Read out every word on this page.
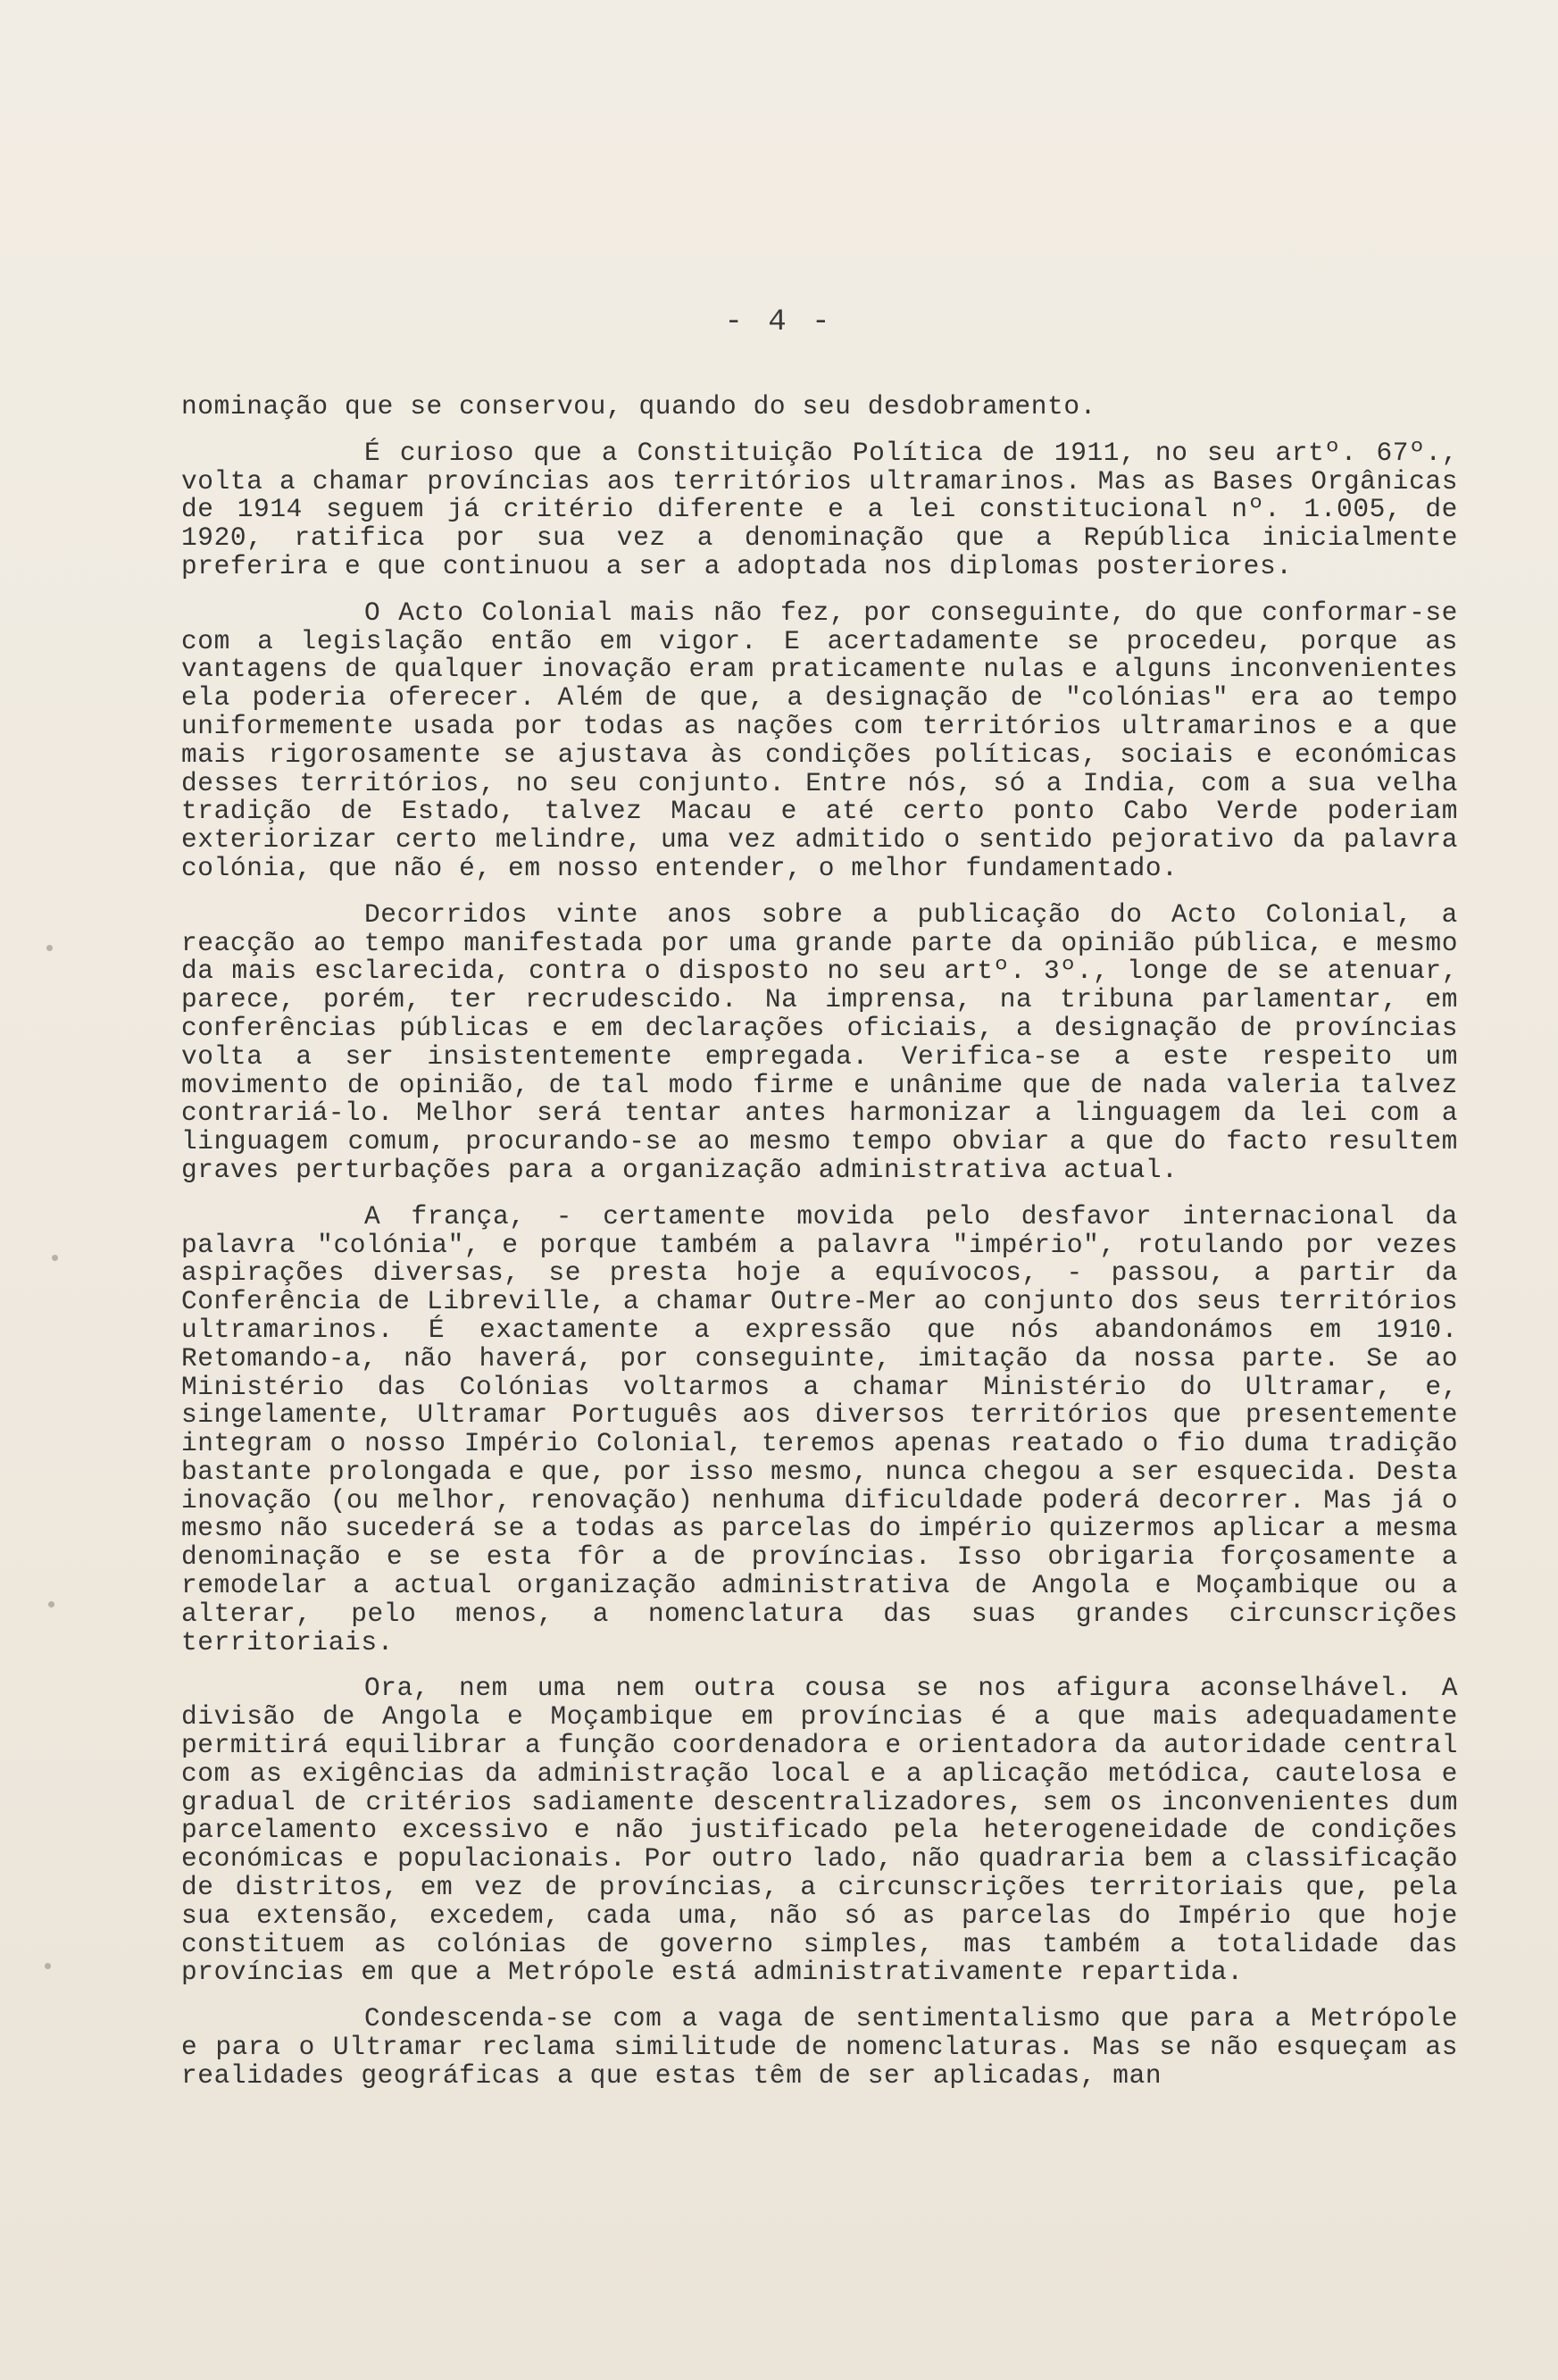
- 4 -

nominação que se conservou, quando do seu desdobramento.

É curioso que a Constituição Política de 1911, no seu artº. 67º., volta a chamar províncias aos territórios ultramarinos. Mas as Bases Orgânicas de 1914 seguem já critério diferente e a lei constitucional nº. 1.005, de 1920, ratifica por sua vez a denominação que a República inicialmente preferira e que continuou a ser a adoptada nos diplomas posteriores.

O Acto Colonial mais não fez, por conseguinte, do que conformar-se com a legislação então em vigor. E acertadamente se procedeu, porque as vantagens de qualquer inovação eram praticamente nulas e alguns inconvenientes ela poderia oferecer. Além de que, a designação de "colónias" era ao tempo uniformemente usada por todas as nações com territórios ultramarinos e a que mais rigorosamente se ajustava às condições políticas, sociais e económicas desses territórios, no seu conjunto. Entre nós, só a India, com a sua velha tradição de Estado, talvez Macau e até certo ponto Cabo Verde poderiam exteriorizar certo melindre, uma vez admitido o sentido pejorativo da palavra colónia, que não é, em nosso entender, o melhor fundamentado.

Decorridos vinte anos sobre a publicação do Acto Colonial, a reacção ao tempo manifestada por uma grande parte da opinião pública, e mesmo da mais esclarecida, contra o disposto no seu artº. 3º., longe de se atenuar, parece, porém, ter recrudescido. Na imprensa, na tribuna parlamentar, em conferências públicas e em declarações oficiais, a designação de províncias volta a ser insistentemente empregada. Verifica-se a este respeito um movimento de opinião, de tal modo firme e unânime que de nada valeria talvez contrariá-lo. Melhor será tentar antes harmonizar a linguagem da lei com a linguagem comum, procurando-se ao mesmo tempo obviar a que do facto resultem graves perturbações para a organização administrativa actual.

A frança, - certamente movida pelo desfavor internacional da palavra "colónia", e porque também a palavra "império", rotulando por vezes aspirações diversas, se presta hoje a equívocos, - passou, a partir da Conferência de Libreville, a chamar Outre-Mer ao conjunto dos seus territórios ultramarinos. É exactamente a expressão que nós abandonámos em 1910. Retomando-a, não haverá, por conseguinte, imitação da nossa parte. Se ao Ministério das Colónias voltarmos a chamar Ministério do Ultramar, e, singelamente, Ultramar Português aos diversos territórios que presentemente integram o nosso Império Colonial, teremos apenas reatado o fio duma tradição bastante prolongada e que, por isso mesmo, nunca chegou a ser esquecida. Desta inovação (ou melhor, renovação) nenhuma dificuldade poderá decorrer. Mas já o mesmo não sucederá se a todas as parcelas do império quizermos aplicar a mesma denominação e se esta fôr a de províncias. Isso obrigaria forçosamente a remodelar a actual organização administrativa de Angola e Moçambique ou a alterar, pelo menos, a nomenclatura das suas grandes circunscrições territoriais.

Ora, nem uma nem outra cousa se nos afigura aconselhável. A divisão de Angola e Moçambique em províncias é a que mais adequadamente permitirá equilibrar a função coordenadora e orientadora da autoridade central com as exigências da administração local e a aplicação metódica, cautelosa e gradual de critérios sadiamente descentralizadores, sem os inconvenientes dum parcelamento excessivo e não justificado pela heterogeneidade de condições económicas e populacionais. Por outro lado, não quadraria bem a classificação de distritos, em vez de províncias, a circunscrições territoriais que, pela sua extensão, excedem, cada uma, não só as parcelas do Império que hoje constituem as colónias de governo simples, mas também a totalidade das províncias em que a Metrópole está administrativamente repartida.

Condescenda-se com a vaga de sentimentalismo que para a Metrópole e para o Ultramar reclama similitude de nomenclaturas. Mas se não esqueçam as realidades geográficas a que estas têm de ser aplicadas, man
